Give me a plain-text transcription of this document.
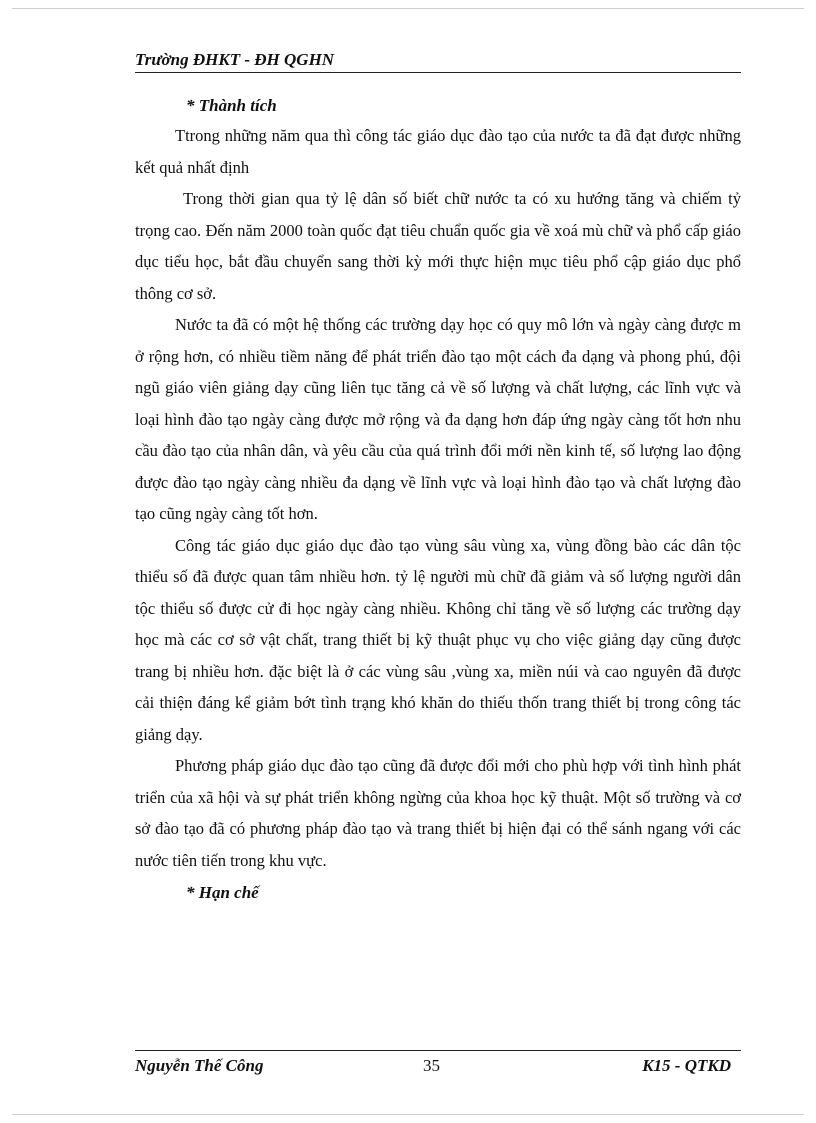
Trường ĐHKT - ĐH QGHN

* Thành tích

Ttrong những năm qua thì công tác giáo dục đào tạo của nước ta đã đạt được những kết quả nhất định

Trong thời gian qua tỷ lệ dân số biết chữ nước ta có xu hướng tăng và chiếm tỷ trọng cao. Đến năm 2000 toàn quốc đạt tiêu chuẩn quốc gia về xoá mù chữ và phổ cấp giáo dục tiểu học, bắt đầu chuyển sang thời kỳ mới thực hiện mục tiêu phổ cập giáo dục phổ thông cơ sở.

Nước ta đã có một hệ thống các trường dạy học có quy mô lớn và ngày càng được m ở rộng hơn, có nhiều tiềm năng để phát triển đào tạo một cách đa dạng và phong phú, đội ngũ giáo viên giảng dạy cũng liên tục tăng cả về số lượng và chất lượng, các lĩnh vực và loại hình đào tạo ngày càng được mở rộng và đa dạng hơn đáp ứng ngày càng tốt hơn nhu cầu đào tạo của nhân dân, và yêu cầu của quá trình đổi mới nền kinh tế, số lượng lao động được đào tạo ngày càng nhiều đa dạng về lĩnh vực và loại hình đào tạo và chất lượng đào tạo cũng ngày càng tốt hơn.

Công tác giáo dục giáo dục đào tạo vùng sâu vùng xa, vùng đồng bào các dân tộc thiểu số đã được quan tâm nhiều hơn. tỷ lệ người mù chữ đã giảm và số lượng người dân tộc thiểu số được cử đi học ngày càng nhiều. Không chỉ tăng về số lượng các trường dạy học mà các cơ sở vật chất, trang thiết bị kỹ thuật phục vụ cho việc giảng dạy cũng được trang bị nhiều hơn. đặc biệt là ở các vùng sâu ,vùng xa, miền núi và cao nguyên đã được cải thiện đáng kể giảm bớt tình trạng khó khăn do thiếu thốn trang thiết bị trong công tác giảng dạy.

Phương pháp giáo dục đào tạo cũng đã được đổi mới cho phù hợp với tình hình phát triển của xã hội và sự phát triển không ngừng của khoa học kỹ thuật. Một số trường và cơ sở đào tạo đã có phương pháp đào tạo và trang thiết bị hiện đại có thể sánh ngang với các nước tiên tiến trong khu vực.

* Hạn chế

Nguyễn Thế Công	35	K15 - QTKD
